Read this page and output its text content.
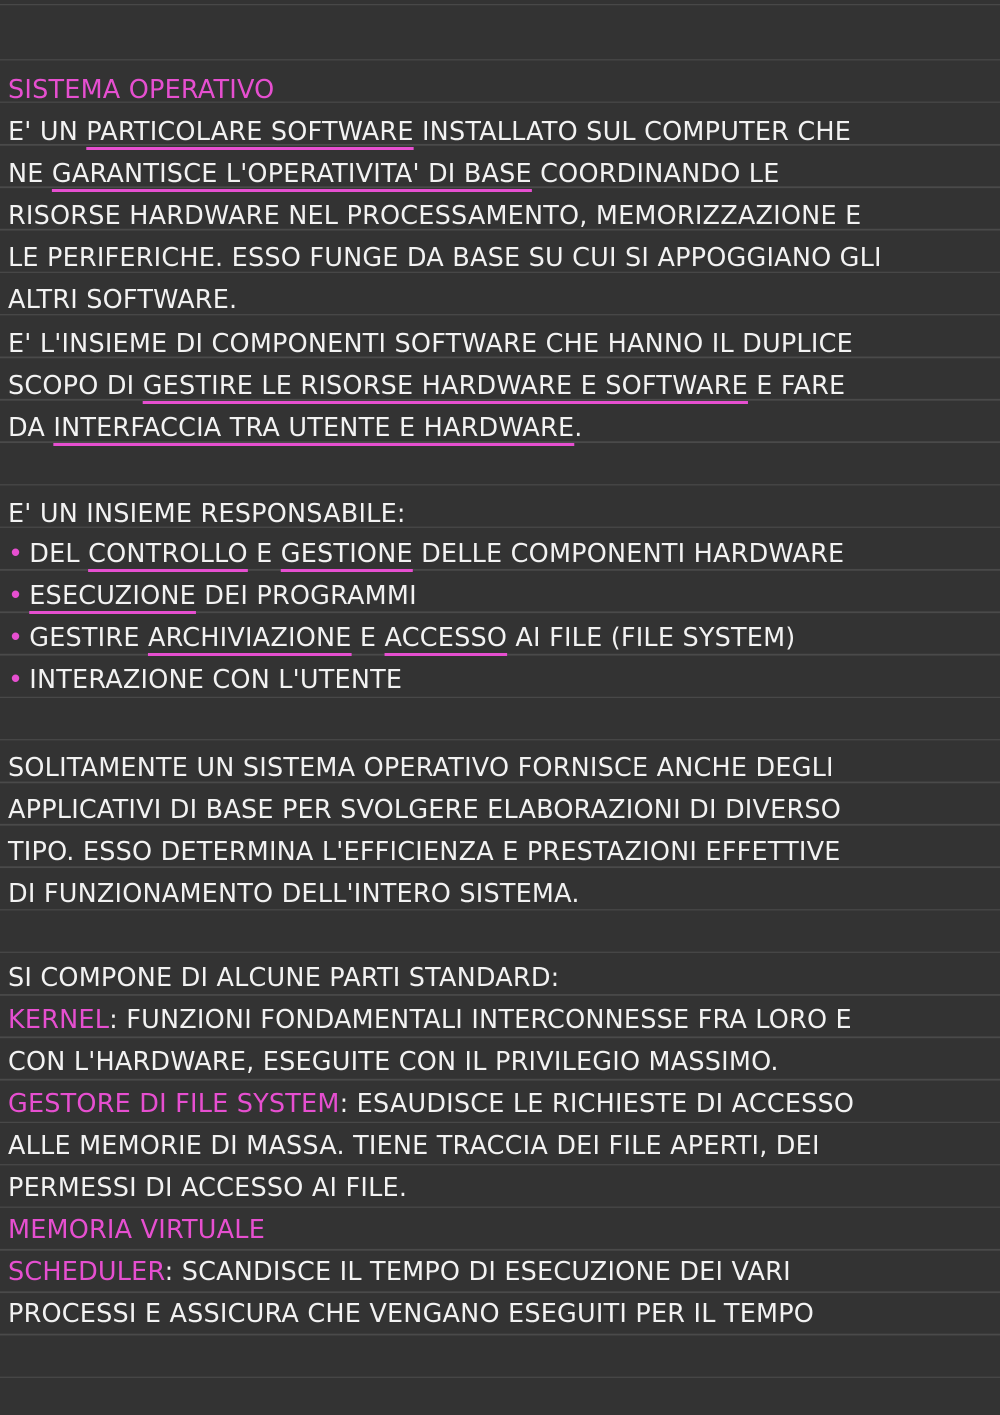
SISTEMA OPERATIVO
E' UN PARTICOLARE SOFTWARE INSTALLATO SUL COMPUTER CHE
NE GARANTISCE L'OPERATIVITA' DI BASE COORDINANDO LE
RISORSE HARDWARE NEL PROCESSAMENTO, MEMORIZZAZIONE E
LE PERIFERICHE. ESSO FUNGE DA BASE SU CUI SI APPOGGIANO GLI
ALTRI SOFTWARE.
E' L'INSIEME DI COMPONENTI SOFTWARE CHE HANNO IL DUPLICE
SCOPO DI GESTIRE LE RISORSE HARDWARE E SOFTWARE E FARE
DA INTERFACCIA TRA UTENTE E HARDWARE.
E' UN INSIEME RESPONSABILE:
• DEL CONTROLLO E GESTIONE DELLE COMPONENTI HARDWARE
• ESECUZIONE DEI PROGRAMMI
• GESTIRE ARCHIVIAZIONE E ACCESSO AI FILE (FILE SYSTEM)
• INTERAZIONE CON L'UTENTE
SOLITAMENTE UN SISTEMA OPERATIVO FORNISCE ANCHE DEGLI
APPLICATIVI DI BASE PER SVOLGERE ELABORAZIONI DI DIVERSO
TIPO. ESSO DETERMINA L'EFFICIENZA E PRESTAZIONI EFFETTIVE
DI FUNZIONAMENTO DELL'INTERO SISTEMA.
SI COMPONE DI ALCUNE PARTI STANDARD:
KERNEL: FUNZIONI FONDAMENTALI INTERCONNESSE FRA LORO E
CON L'HARDWARE, ESEGUITE CON IL PRIVILEGIO MASSIMO.
GESTORE DI FILE SYSTEM: ESAUDISCE LE RICHIESTE DI ACCESSO
ALLE MEMORIE DI MASSA. TIENE TRACCIA DEI FILE APERTI, DEI
PERMESSI DI ACCESSO AI FILE.
MEMORIA VIRTUALE
SCHEDULER: SCANDISCE IL TEMPO DI ESECUZIONE DEI VARI
PROCESSI E ASSICURA CHE VENGANO ESEGUITI PER IL TEMPO
